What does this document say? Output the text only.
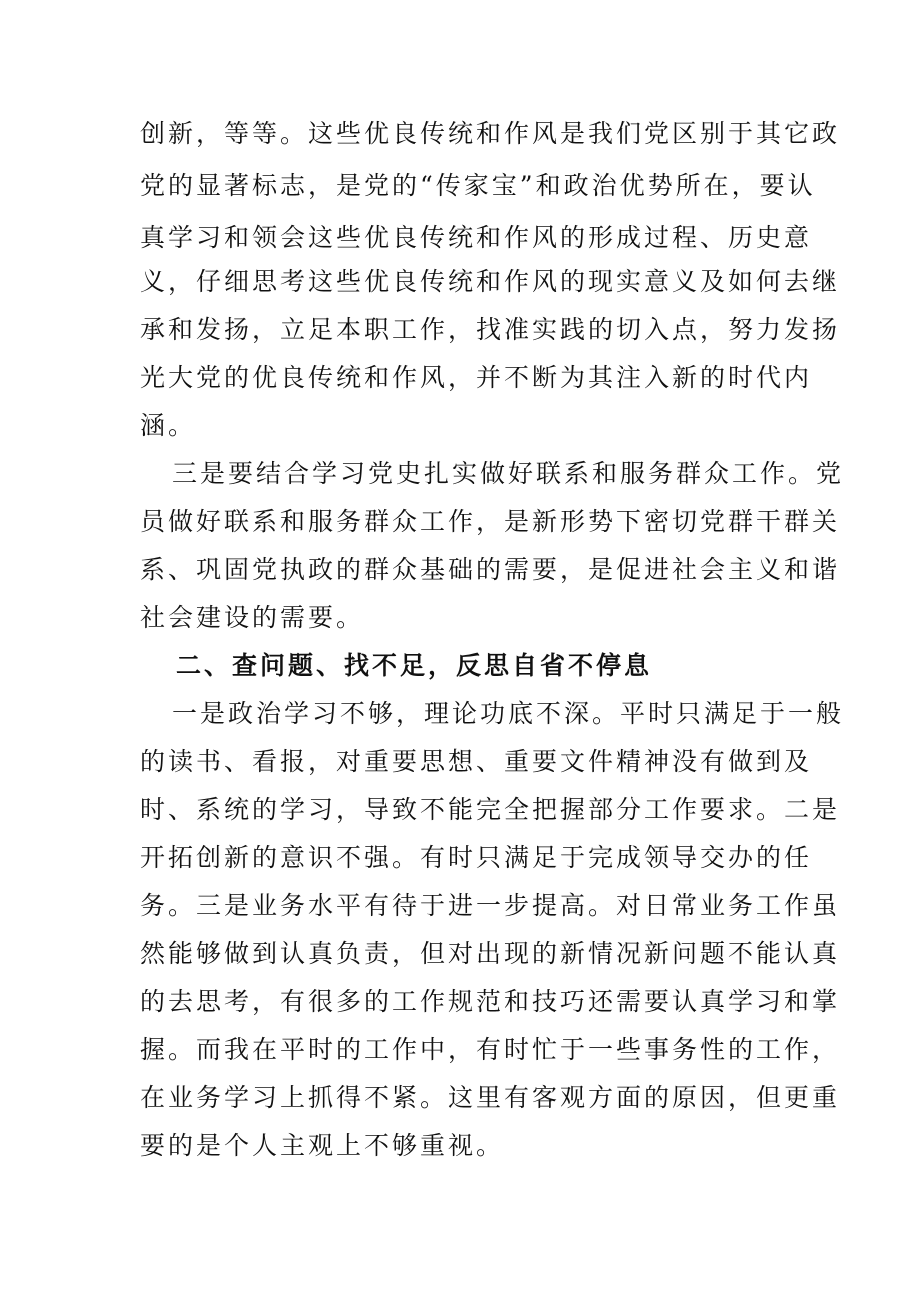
创新，等等。这些优良传统和作风是我们党区别于其它政
党的显著标志，是党的“传家宝”和政治优势所在，要认
真学习和领会这些优良传统和作风的形成过程、历史意
义，仔细思考这些优良传统和作风的现实意义及如何去继
承和发扬，立足本职工作，找准实践的切入点，努力发扬
光大党的优良传统和作风，并不断为其注入新的时代内
涵。
三是要结合学习党史扎实做好联系和服务群众工作。党
员做好联系和服务群众工作，是新形势下密切党群干群关
系、巩固党执政的群众基础的需要，是促进社会主义和谐
社会建设的需要。
二、查问题、找不足，反思自省不停息
一是政治学习不够，理论功底不深。平时只满足于一般
的读书、看报，对重要思想、重要文件精神没有做到及
时、系统的学习，导致不能完全把握部分工作要求。二是
开拓创新的意识不强。有时只满足于完成领导交办的任
务。三是业务水平有待于进一步提高。对日常业务工作虽
然能够做到认真负责，但对出现的新情况新问题不能认真
的去思考，有很多的工作规范和技巧还需要认真学习和掌
握。而我在平时的工作中，有时忙于一些事务性的工作，
在业务学习上抓得不紧。这里有客观方面的原因，但更重
要的是个人主观上不够重视。
